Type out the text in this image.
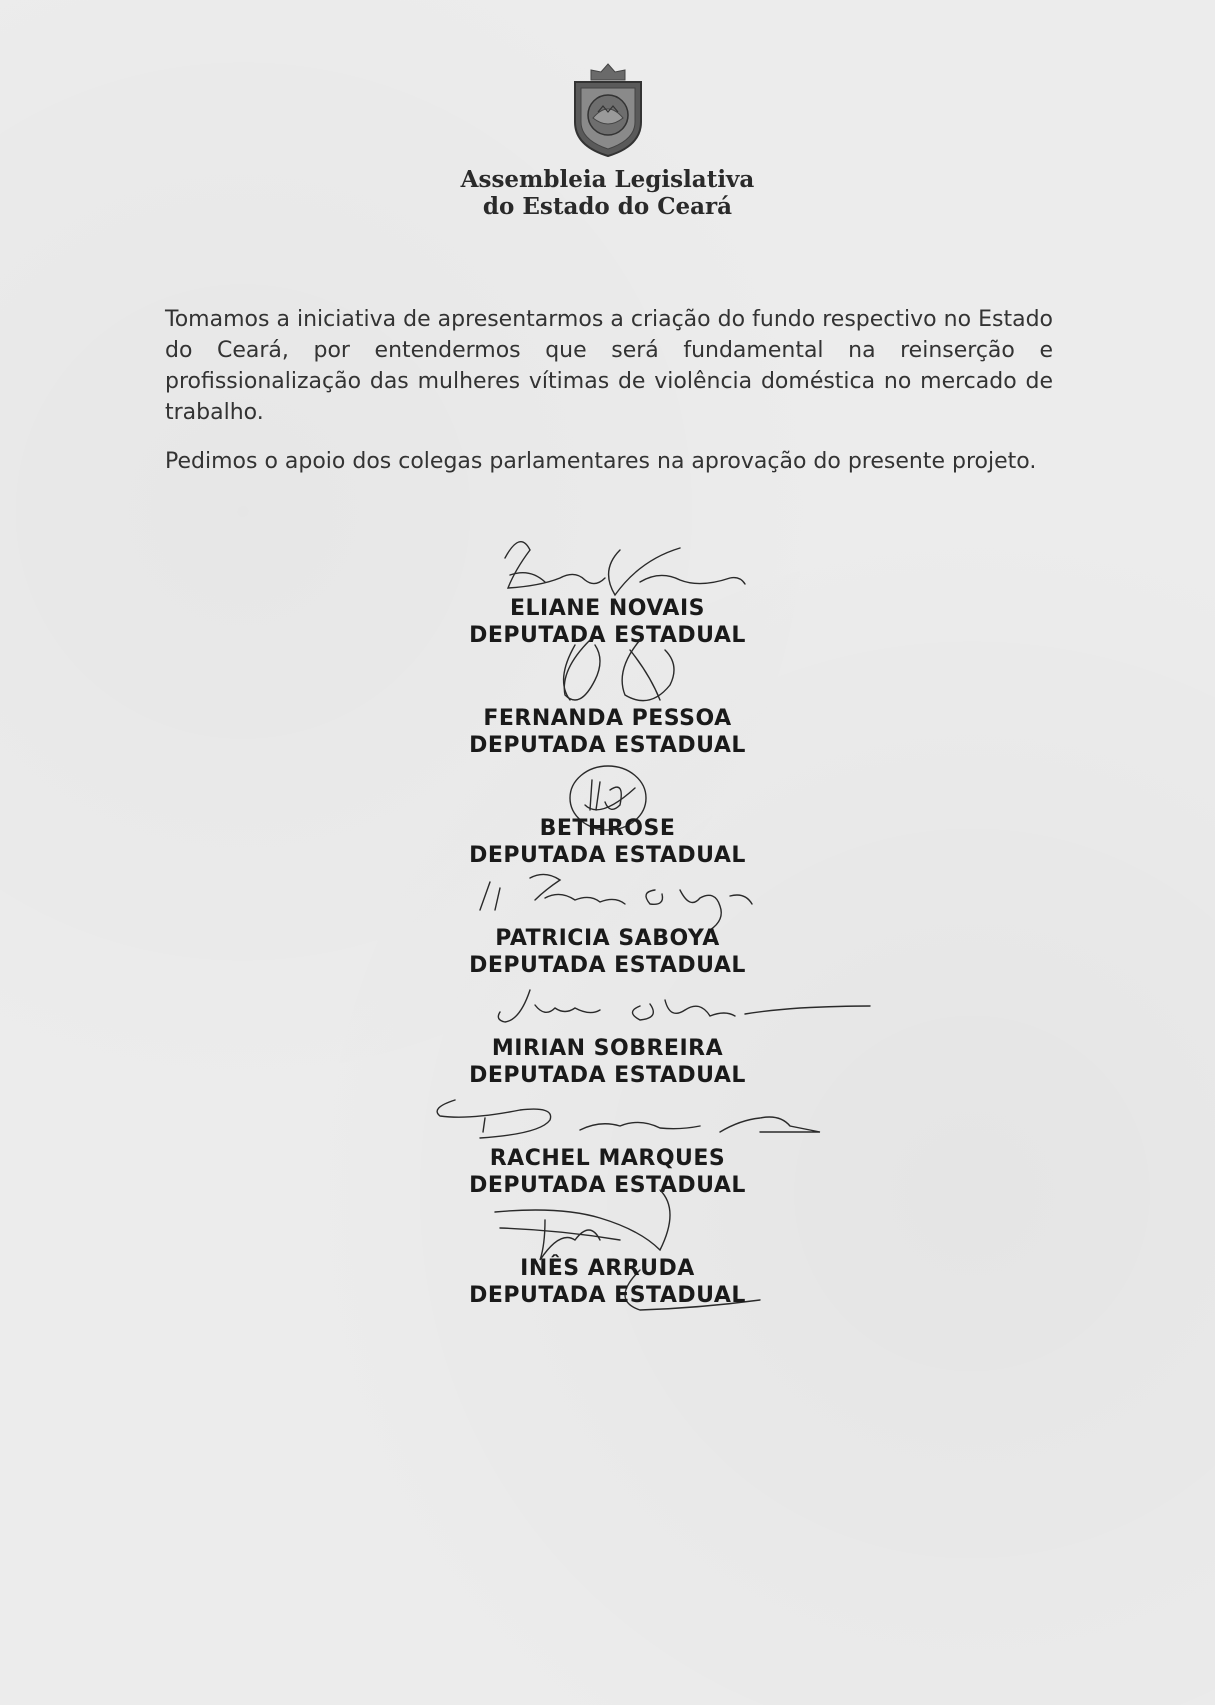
Assembleia Legislativa
do Estado do Ceará

Tomamos a iniciativa de apresentarmos a criação do fundo respectivo no Estado do Ceará, por entendermos que será fundamental na reinserção e profissionalização das mulheres vítimas de violência doméstica no mercado de trabalho.

Pedimos o apoio dos colegas parlamentares na aprovação do presente projeto.

ELIANE NOVAIS
DEPUTADA ESTADUAL
FERNANDA PESSOA
DEPUTADA ESTADUAL
BETHROSE
DEPUTADA ESTADUAL
PATRICIA SABOYA
DEPUTADA ESTADUAL
MIRIAN SOBREIRA
DEPUTADA ESTADUAL
RACHEL MARQUES
DEPUTADA ESTADUAL
INÊS ARRUDA
DEPUTADA ESTADUAL
